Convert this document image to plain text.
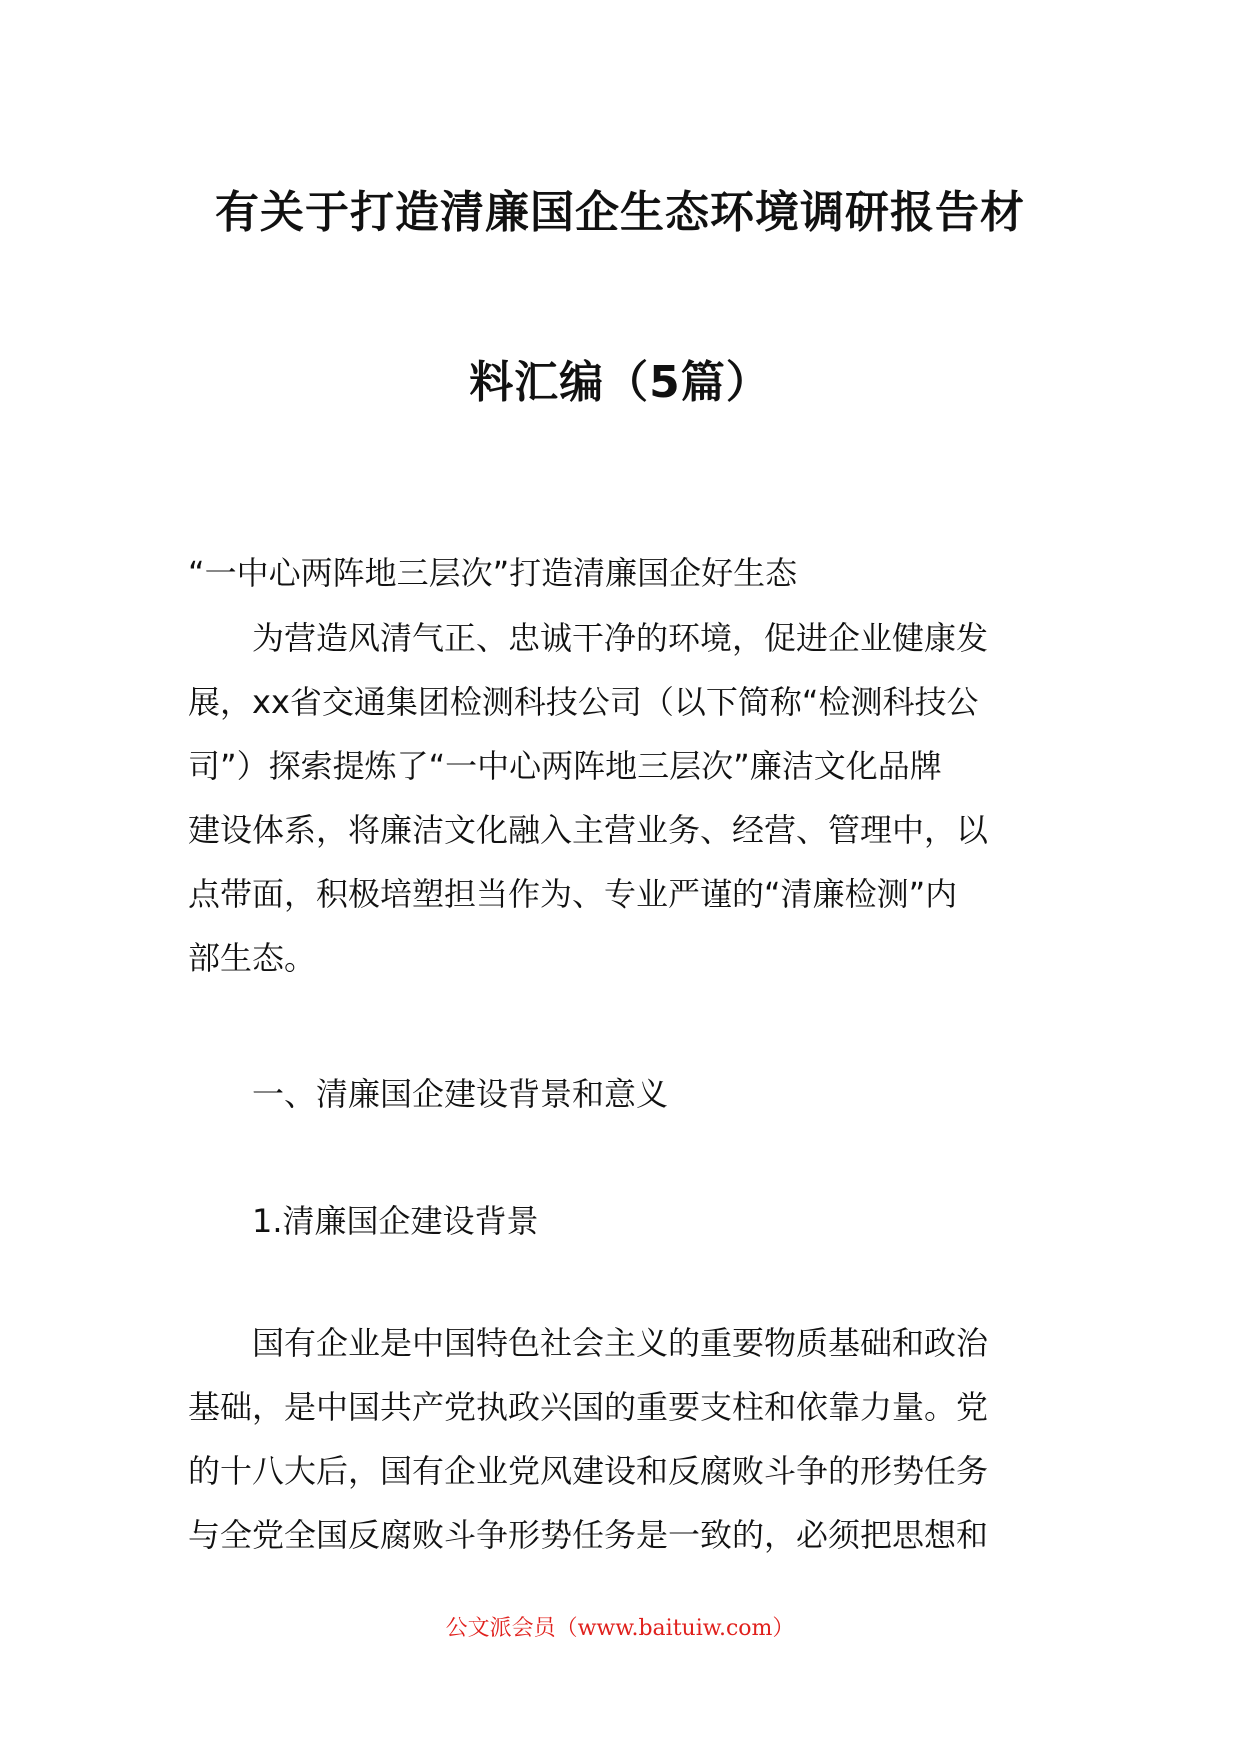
有关于打造清廉国企生态环境调研报告材
料汇编（5篇）
“一中心两阵地三层次”打造清廉国企好生态
为营造风清气正、忠诚干净的环境，促进企业健康发
展，xx省交通集团检测科技公司（以下简称“检测科技公
司”）探索提炼了“一中心两阵地三层次”廉洁文化品牌
建设体系，将廉洁文化融入主营业务、经营、管理中，以
点带面，积极培塑担当作为、专业严谨的“清廉检测”内
部生态。
一、清廉国企建设背景和意义
1.清廉国企建设背景
国有企业是中国特色社会主义的重要物质基础和政治
基础，是中国共产党执政兴国的重要支柱和依靠力量。党
的十八大后，国有企业党风建设和反腐败斗争的形势任务
与全党全国反腐败斗争形势任务是一致的，必须把思想和
公文派会员（www.baituiw.com）
